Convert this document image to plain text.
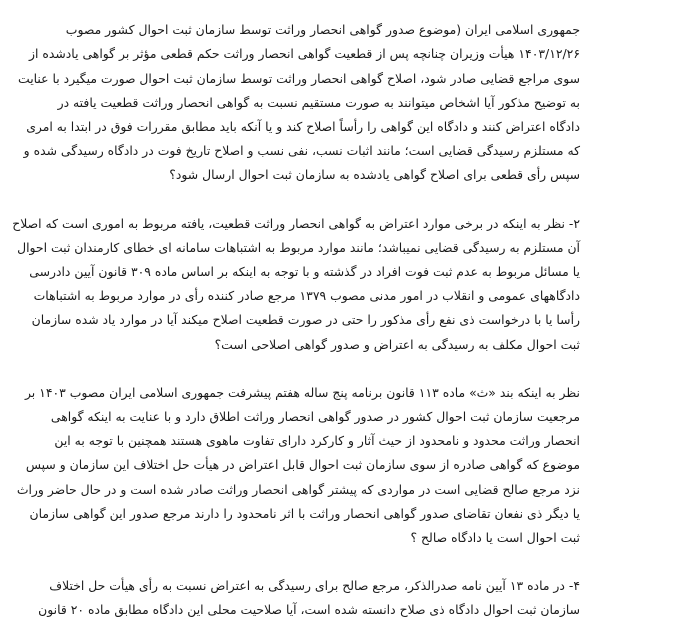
جمهوری اسلامی ایران (موضوع صدور گواهی انحصار وراثت توسط سازمان ثبت احوال کشور مصوب
۱۴۰۳/۱۲/۲۶ هیأت وزیران چنانچه پس از قطعیت گواهی انحصار وراثت حکم قطعی مؤثر بر گواهی یادشده از
سوی مراجع قضایی صادر شود، اصلاح گواهی انحصار وراثت توسط سازمان ثبت احوال صورت میگیرد با عنایت
به توضیح مذکور آیا اشخاص میتوانند به صورت مستقیم نسبت به گواهی انحصار وراثت قطعیت یافته در
دادگاه اعتراض کنند و دادگاه این گواهی را رأساً اصلاح کند و یا آنکه باید مطابق مقررات فوق در ابتدا به امری
که مستلزم رسیدگی قضایی است؛ مانند اثبات نسب، نفی نسب و اصلاح تاریخ فوت در دادگاه رسیدگی شده و
سپس رأی قطعی برای اصلاح گواهی یادشده به سازمان ثبت احوال ارسال شود؟

۲- نظر به اینکه در برخی موارد اعتراض به گواهی انحصار وراثت قطعیت، یافته مربوط به اموری است که اصلاح
آن مستلزم به رسیدگی قضایی نمیباشد؛ مانند موارد مربوط به اشتباهات سامانه ای خطای کارمندان ثبت احوال
یا مسائل مربوط به عدم ثبت فوت افراد در گذشته و با توجه به اینکه بر اساس ماده ۳۰۹ قانون آیین دادرسی
دادگاههای عمومی و انقلاب در امور مدنی مصوب ۱۳۷۹ مرجع صادر کننده رأی در موارد مربوط به اشتباهات
رأسا یا با درخواست ذی نفع رأی مذکور را حتی در صورت قطعیت اصلاح میکند آیا در موارد یاد شده سازمان
ثبت احوال مکلف به رسیدگی به اعتراض و صدور گواهی اصلاحی است؟

نظر به اینکه بند «ث» ماده ۱۱۳ قانون برنامه پنج ساله هفتم پیشرفت جمهوری اسلامی ایران مصوب ۱۴۰۳ بر
مرجعیت سازمان ثبت احوال کشور در صدور گواهی انحصار وراثت اطلاق دارد و با عنایت به اینکه گواهی
انحصار وراثت محدود و نامحدود از حیث آثار و کارکرد دارای تفاوت ماهوی هستند همچنین با توجه به این
موضوع که گواهی صادره از سوی سازمان ثبت احوال قابل اعتراض در هیأت حل اختلاف این سازمان و سپس
نزد مرجع صالح قضایی است در مواردی که پیشتر گواهی انحصار وراثت صادر شده است و در حال حاضر وراث
یا دیگر ذی نفعان تقاضای صدور گواهی انحصار وراثت با اثر نامحدود را دارند مرجع صدور این گواهی سازمان
ثبت احوال است یا دادگاه صالح ؟

۴- در ماده ۱۳ آیین نامه صدرالذکر، مرجع صالح برای رسیدگی به اعتراض نسبت به رأی هیأت حل اختلاف
سازمان ثبت احوال دادگاه ذی صلاح دانسته شده است، آیا صلاحیت محلی این دادگاه مطابق ماده ۲۰ قانون
